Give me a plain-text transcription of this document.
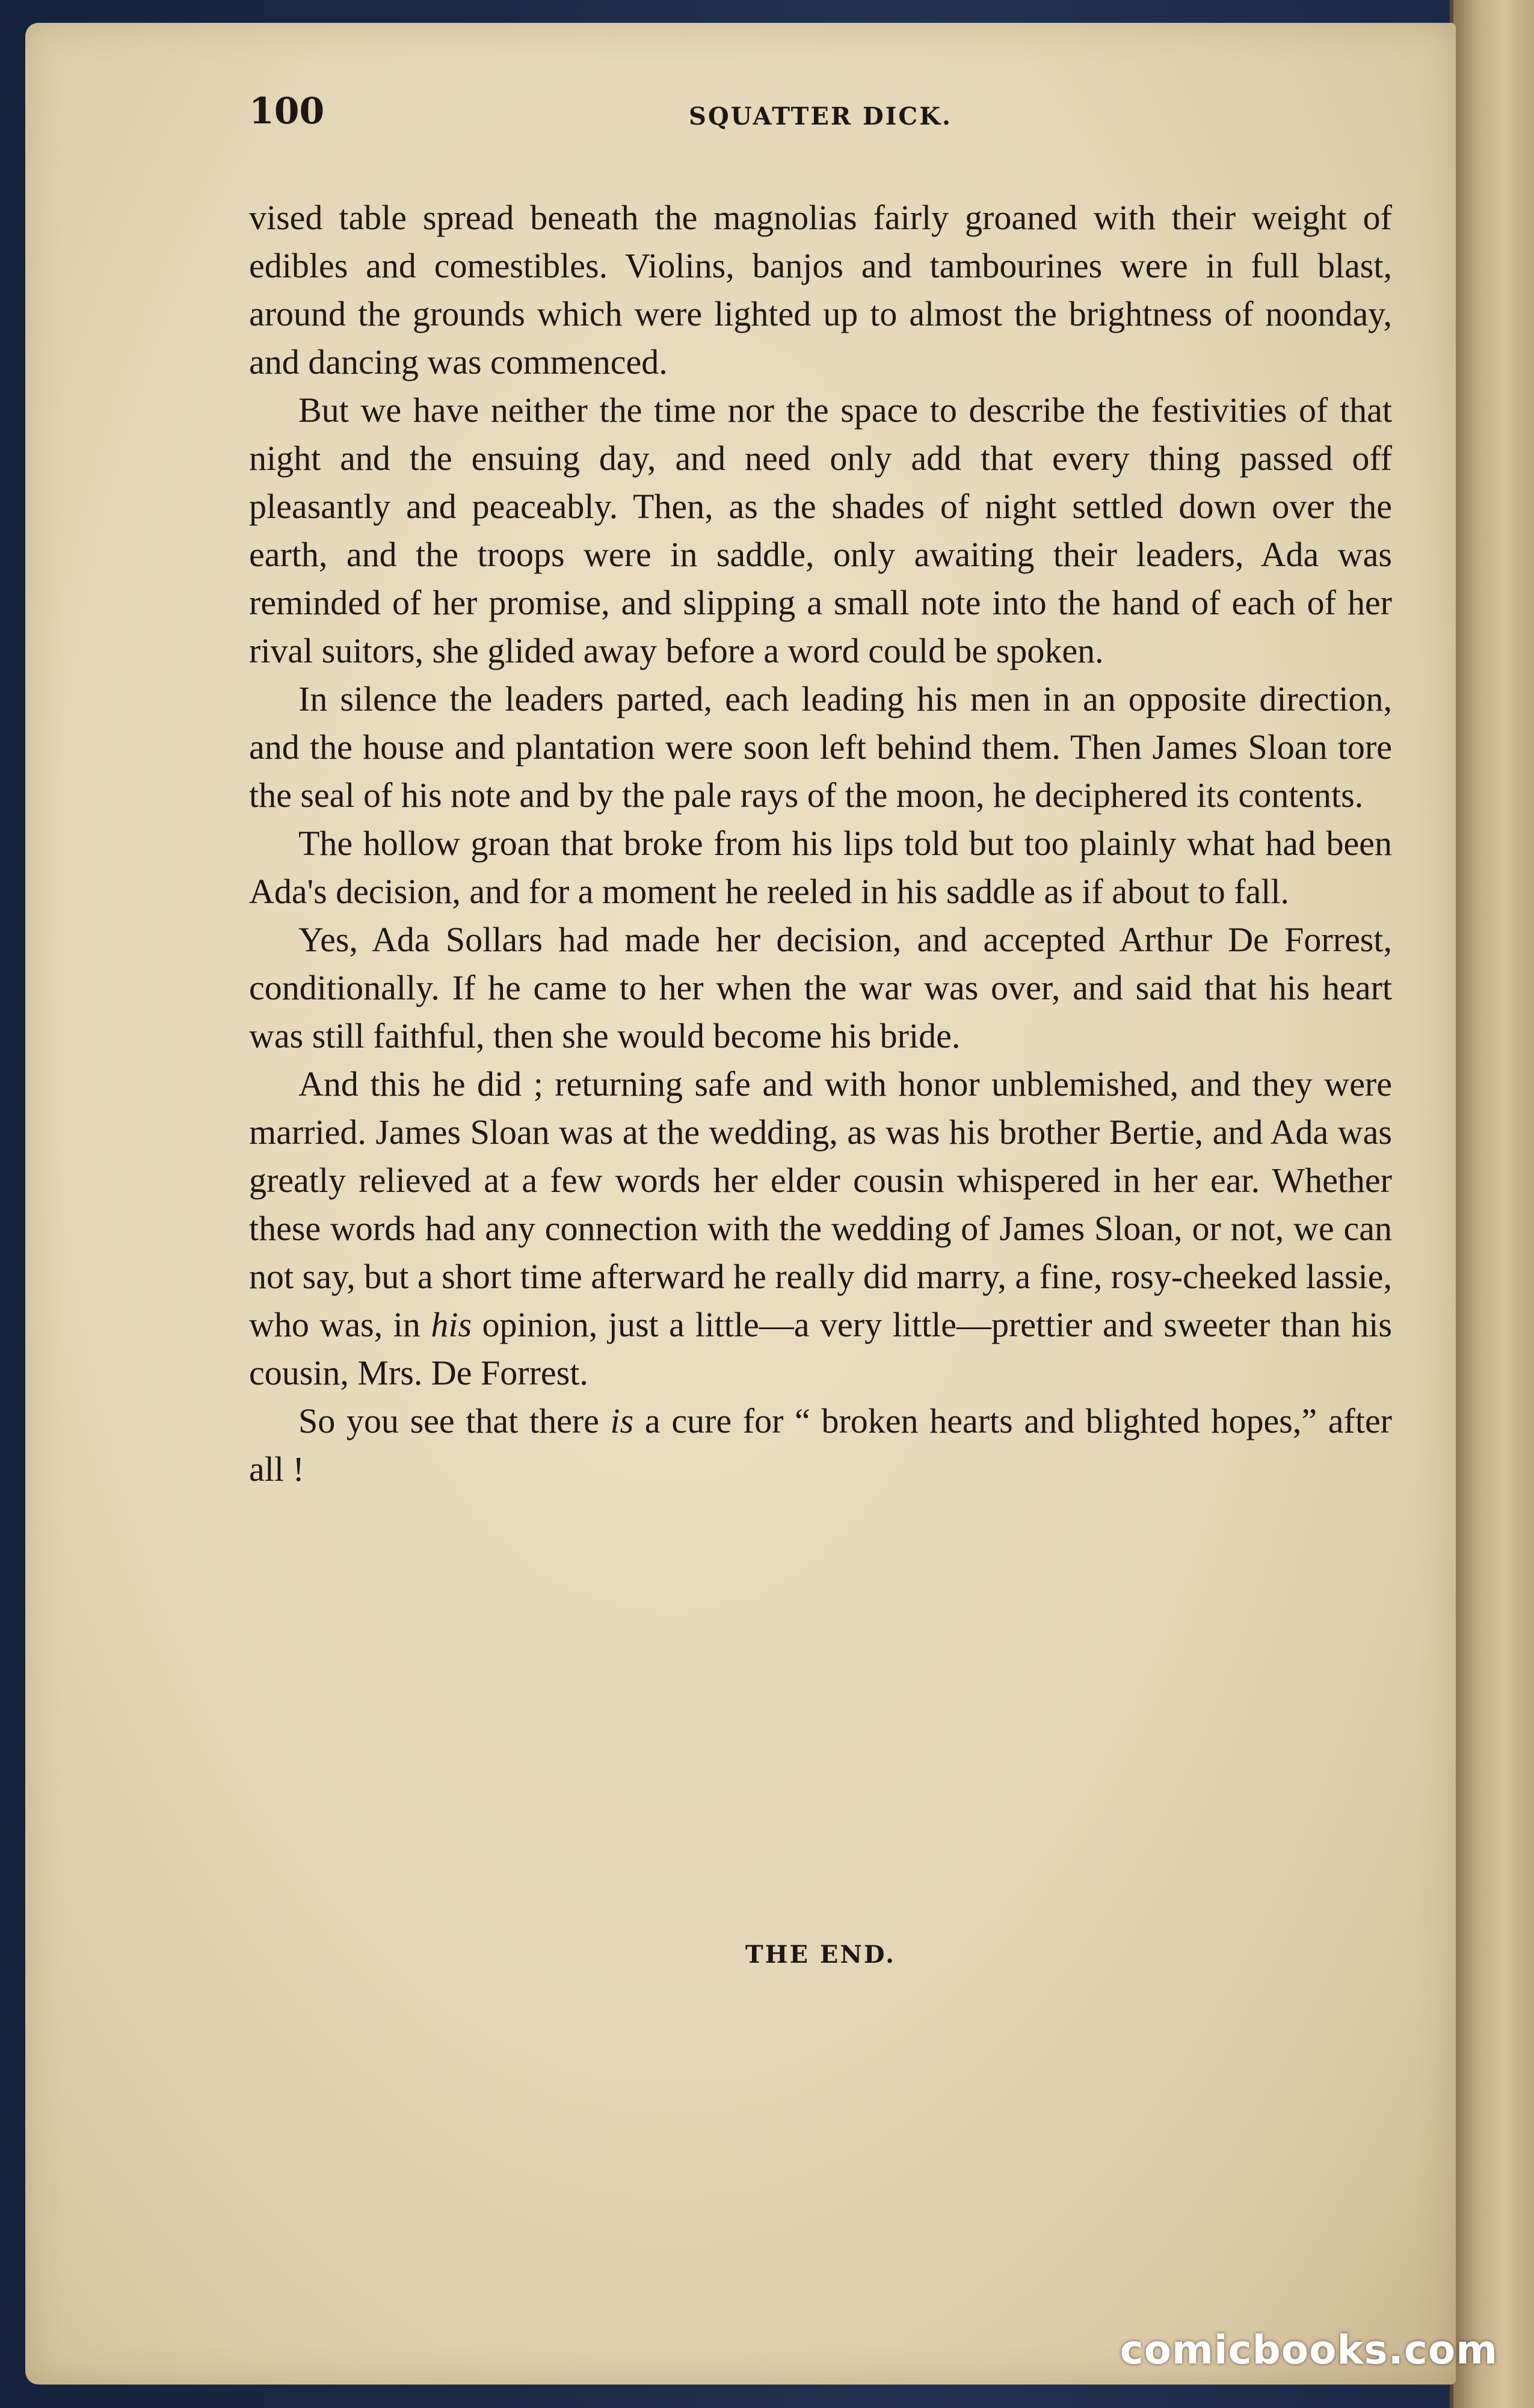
100	SQUATTER DICK.

vised table spread beneath the magnolias fairly groaned with their weight of edibles and comestibles. Violins, banjos and tambourines were in full blast, around the grounds which were lighted up to almost the brightness of noonday, and dancing was commenced.

But we have neither the time nor the space to describe the festivities of that night and the ensuing day, and need only add that every thing passed off pleasantly and peaceably. Then, as the shades of night settled down over the earth, and the troops were in saddle, only awaiting their leaders, Ada was reminded of her promise, and slipping a small note into the hand of each of her rival suitors, she glided away before a word could be spoken.

In silence the leaders parted, each leading his men in an opposite direction, and the house and plantation were soon left behind them. Then James Sloan tore the seal of his note and by the pale rays of the moon, he deciphered its contents.

The hollow groan that broke from his lips told but too plainly what had been Ada's decision, and for a moment he reeled in his saddle as if about to fall.

Yes, Ada Sollars had made her decision, and accepted Arthur De Forrest, conditionally. If he came to her when the war was over, and said that his heart was still faithful, then she would become his bride.

And this he did ; returning safe and with honor unblemished, and they were married. James Sloan was at the wedding, as was his brother Bertie, and Ada was greatly relieved at a few words her elder cousin whispered in her ear. Whether these words had any connection with the wedding of James Sloan, or not, we can not say, but a short time afterward he really did marry, a fine, rosy-cheeked lassie, who was, in his opinion, just a little—a very little—prettier and sweeter than his cousin, Mrs. De Forrest.

So you see that there is a cure for “ broken hearts and blighted hopes,” after all !

THE END.
comicbooks.com
